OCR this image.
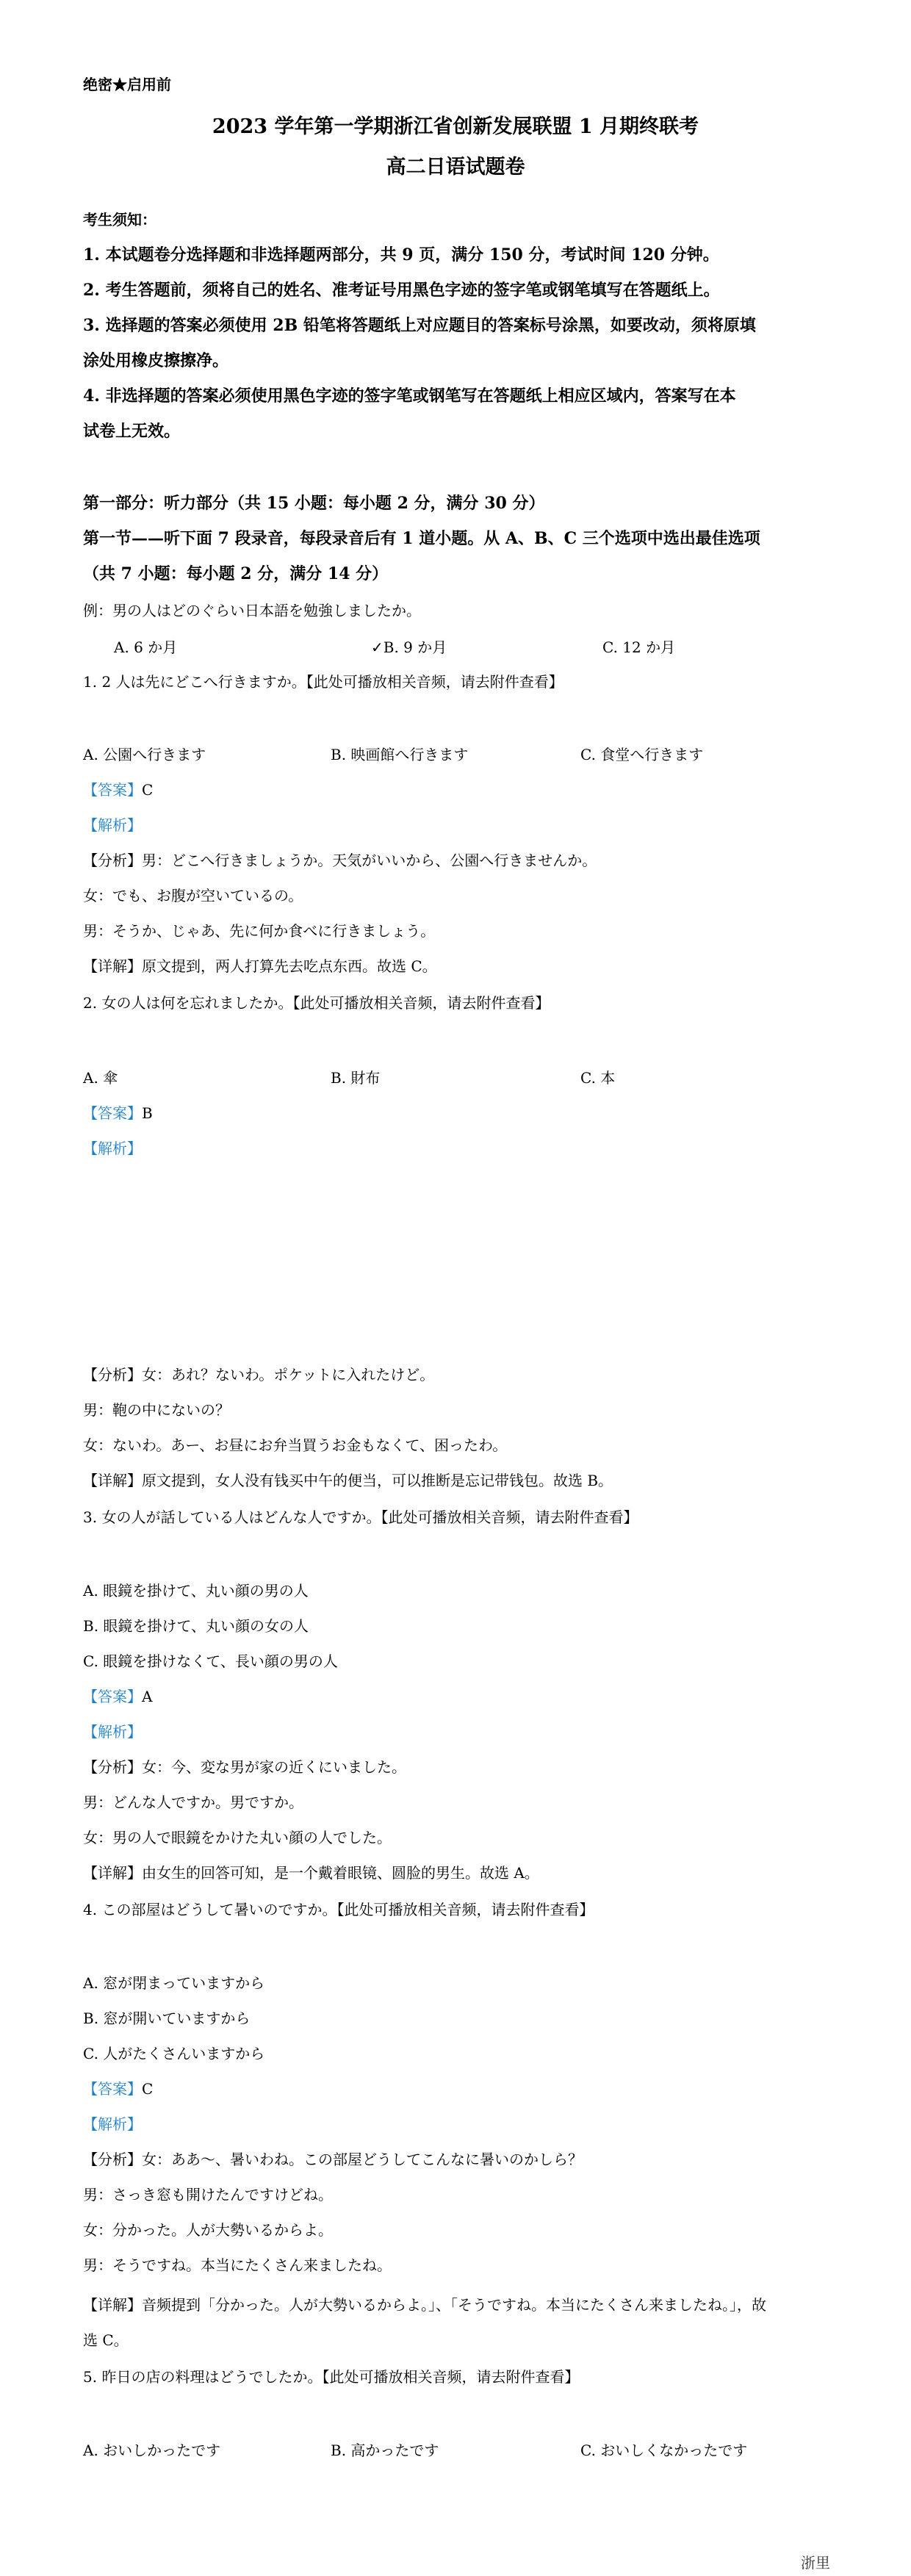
绝密★启用前
2023 学年第一学期浙江省创新发展联盟 1 月期终联考
高二日语试题卷
考生须知：
1. 本试题卷分选择题和非选择题两部分，共 9 页，满分 150 分，考试时间 120 分钟。
2. 考生答题前，须将自己的姓名、准考证号用黑色字迹的签字笔或钢笔填写在答题纸上。
3. 选择题的答案必须使用 2B 铅笔将答题纸上对应题目的答案标号涂黑，如要改动，须将原填
涂处用橡皮擦擦净。
4. 非选择题的答案必须使用黑色字迹的签字笔或钢笔写在答题纸上相应区域内，答案写在本
试卷上无效。
第一部分：听力部分（共 15 小题：每小题 2 分，满分 30 分）
第一节——听下面 7 段录音，每段录音后有 1 道小题。从 A、B、C 三个选项中选出最佳选项
（共 7 小题：每小题 2 分，满分 14 分）
例：男の人はどのぐらい日本語を勉強しましたか。
A. 6 か月	✓B. 9 か月	C. 12 か月
1. 2 人は先にどこへ行きますか。【此处可播放相关音频，请去附件查看】
A. 公園へ行きます	B. 映画館へ行きます	C. 食堂へ行きます
【答案】C
【解析】
【分析】男：どこへ行きましょうか。天気がいいから、公園へ行きませんか。
女：でも、お腹が空いているの。
男：そうか、じゃあ、先に何か食べに行きましょう。
【详解】原文提到，两人打算先去吃点东西。故选 C。
2. 女の人は何を忘れましたか。【此处可播放相关音频，请去附件查看】
A. 傘	B. 財布	C. 本
【答案】B
【解析】
【分析】女：あれ？ないわ。ポケットに入れたけど。
男：鞄の中にないの？
女：ないわ。あー、お昼にお弁当買うお金もなくて、困ったわ。
【详解】原文提到，女人没有钱买中午的便当，可以推断是忘记带钱包。故选 B。
3. 女の人が話している人はどんな人ですか。【此处可播放相关音频，请去附件查看】
A. 眼鏡を掛けて、丸い顔の男の人
B. 眼鏡を掛けて、丸い顔の女の人
C. 眼鏡を掛けなくて、長い顔の男の人
【答案】A
【解析】
【分析】女：今、変な男が家の近くにいました。
男：どんな人ですか。男ですか。
女：男の人で眼鏡をかけた丸い顔の人でした。
【详解】由女生的回答可知，是一个戴着眼镜、圆脸的男生。故选 A。
4. この部屋はどうして暑いのですか。【此处可播放相关音频，请去附件查看】
A. 窓が閉まっていますから
B. 窓が開いていますから
C. 人がたくさんいますから
【答案】C
【解析】
【分析】女：ああ～、暑いわね。この部屋どうしてこんなに暑いのかしら？
男：さっき窓も開けたんですけどね。
女：分かった。人が大勢いるからよ。
男：そうですね。本当にたくさん来ましたね。
【详解】音频提到「分かった。人が大勢いるからよ。」、「そうですね。本当にたくさん来ましたね。」，故
选 C。
5. 昨日の店の料理はどうでしたか。【此处可播放相关音频，请去附件查看】
A. おいしかったです	B. 高かったです	C. おいしくなかったです
浙里
